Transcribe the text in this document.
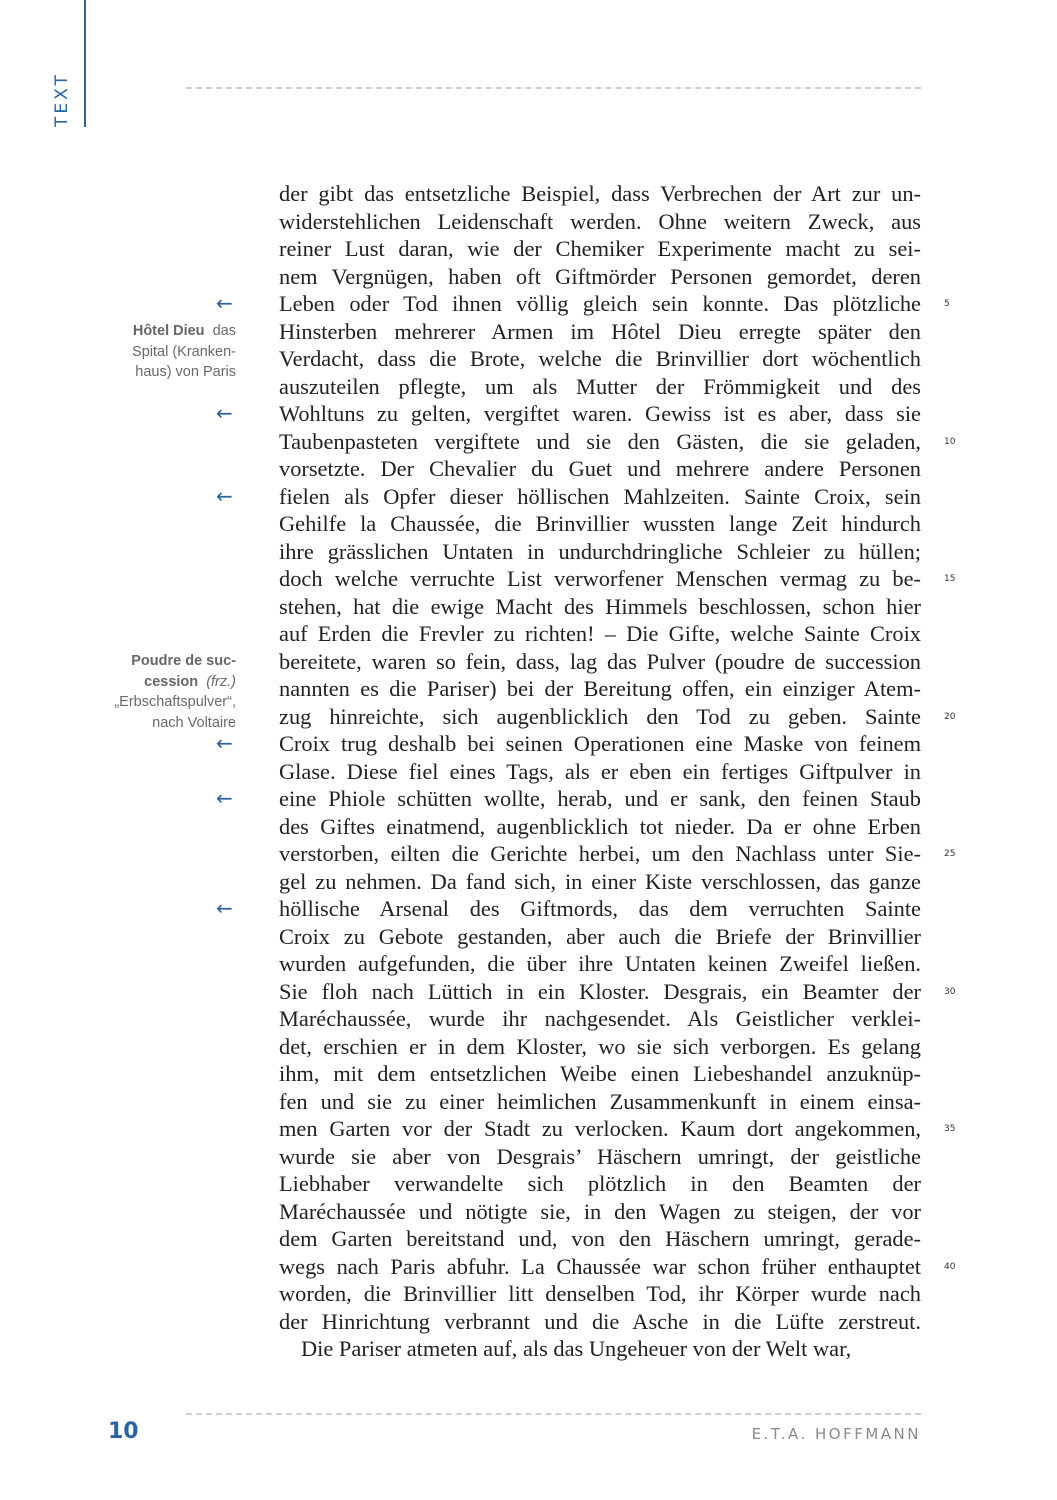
TEXT
der gibt das entsetzliche Beispiel, dass Verbrechen der Art zur un-
widerstehlichen Leidenschaft werden. Ohne weitern Zweck, aus
reiner Lust daran, wie der Chemiker Experimente macht zu sei-
nem Vergnügen, haben oft Giftmörder Personen gemordet, deren
Leben oder Tod ihnen völlig gleich sein konnte. Das plötzliche
Hinsterben mehrerer Armen im Hôtel Dieu erregte später den
Verdacht, dass die Brote, welche die Brinvillier dort wöchentlich
auszuteilen pflegte, um als Mutter der Frömmigkeit und des
Wohltuns zu gelten, vergiftet waren. Gewiss ist es aber, dass sie
Taubenpasteten vergiftete und sie den Gästen, die sie geladen,
vorsetzte. Der Chevalier du Guet und mehrere andere Personen
fielen als Opfer dieser höllischen Mahlzeiten. Sainte Croix, sein
Gehilfe la Chaussée, die Brinvillier wussten lange Zeit hindurch
ihre grässlichen Untaten in undurchdringliche Schleier zu hüllen;
doch welche verruchte List verworfener Menschen vermag zu be-
stehen, hat die ewige Macht des Himmels beschlossen, schon hier
auf Erden die Frevler zu richten! – Die Gifte, welche Sainte Croix
bereitete, waren so fein, dass, lag das Pulver (poudre de succession
nannten es die Pariser) bei der Bereitung offen, ein einziger Atem-
zug hinreichte, sich augenblicklich den Tod zu geben. Sainte
Croix trug deshalb bei seinen Operationen eine Maske von feinem
Glase. Diese fiel eines Tags, als er eben ein fertiges Giftpulver in
eine Phiole schütten wollte, herab, und er sank, den feinen Staub
des Giftes einatmend, augenblicklich tot nieder. Da er ohne Erben
verstorben, eilten die Gerichte herbei, um den Nachlass unter Sie-
gel zu nehmen. Da fand sich, in einer Kiste verschlossen, das ganze
höllische Arsenal des Giftmords, das dem verruchten Sainte
Croix zu Gebote gestanden, aber auch die Briefe der Brinvillier
wurden aufgefunden, die über ihre Untaten keinen Zweifel ließen.
Sie floh nach Lüttich in ein Kloster. Desgrais, ein Beamter der
Maréchaussée, wurde ihr nachgesendet. Als Geistlicher verklei-
det, erschien er in dem Kloster, wo sie sich verborgen. Es gelang
ihm, mit dem entsetzlichen Weibe einen Liebeshandel anzuknüp-
fen und sie zu einer heimlichen Zusammenkunft in einem einsa-
men Garten vor der Stadt zu verlocken. Kaum dort angekommen,
wurde sie aber von Desgrais’ Häschern umringt, der geistliche
Liebhaber verwandelte sich plötzlich in den Beamten der
Maréchaussée und nötigte sie, in den Wagen zu steigen, der vor
dem Garten bereitstand und, von den Häschern umringt, gerade-
wegs nach Paris abfuhr. La Chaussée war schon früher enthauptet
worden, die Brinvillier litt denselben Tod, ihr Körper wurde nach
der Hinrichtung verbrannt und die Asche in die Lüfte zerstreut.
Die Pariser atmeten auf, als das Ungeheuer von der Welt war,
5
10
15
20
25
30
35
40
←
←
←
←
←
←
Hôtel Dieu das
Spital (Kranken-
haus) von Paris
Poudre de suc-
cession (frz.)
„Erbschaftspulver“,
nach Voltaire
10	E.T.A. HOFFMANN
